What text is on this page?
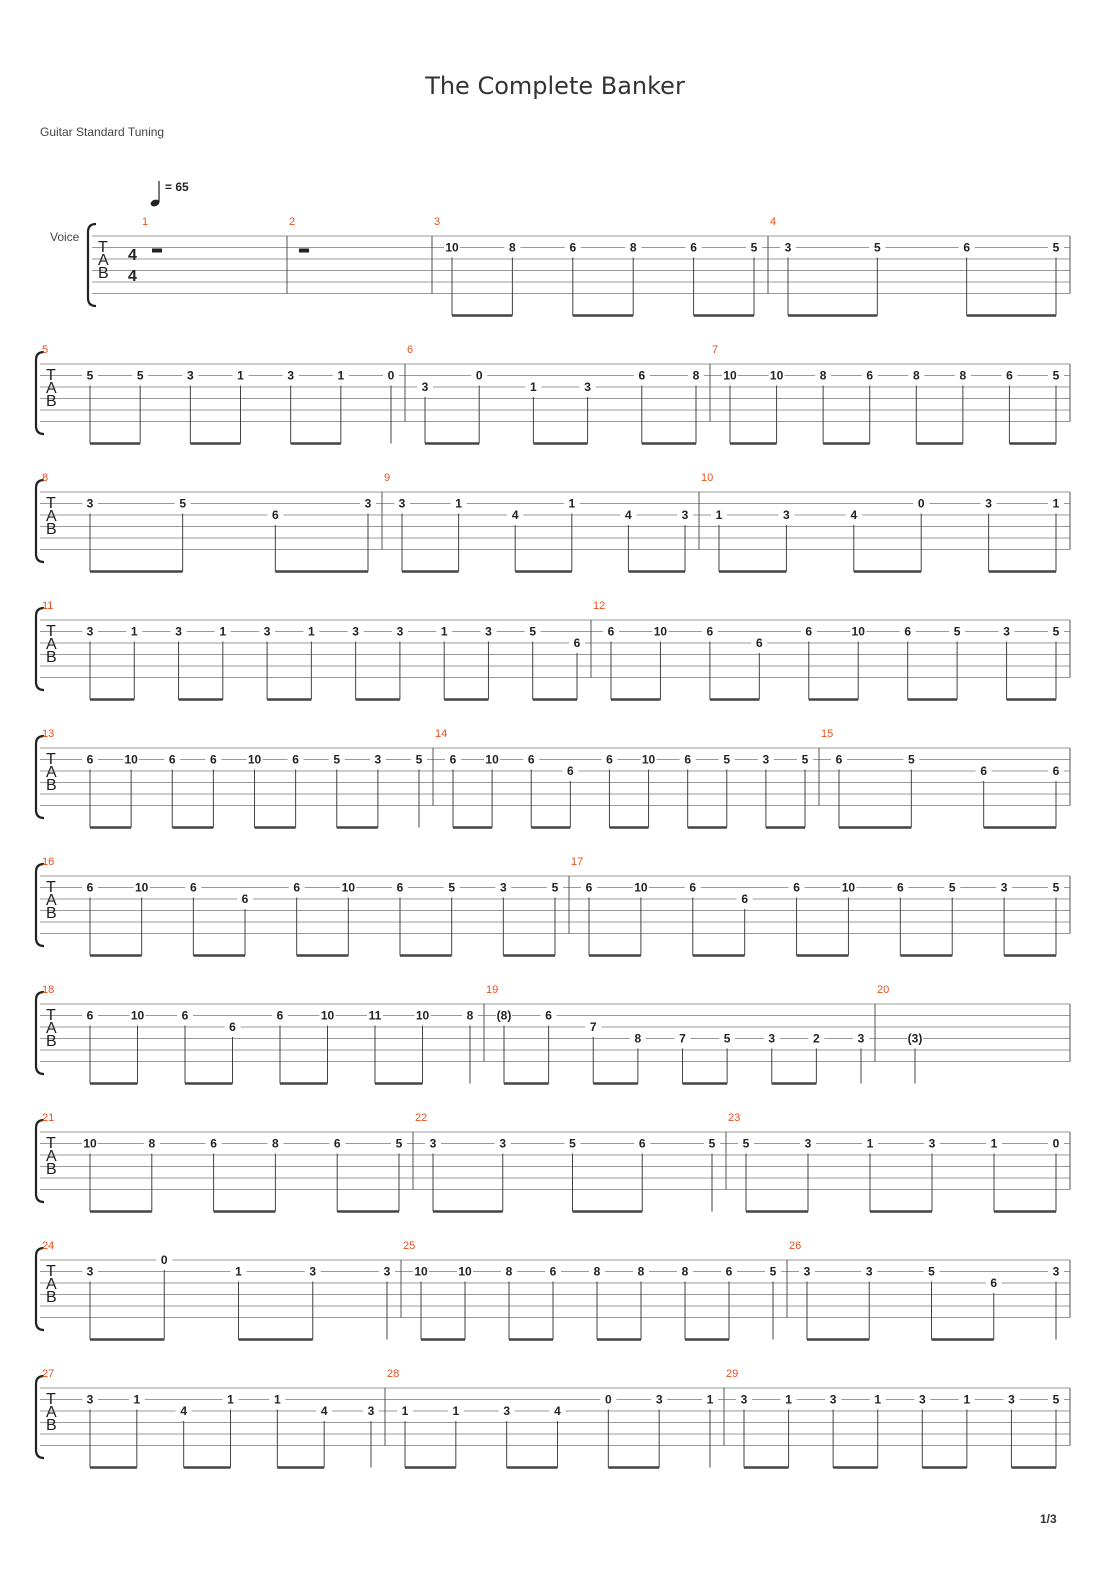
The Complete Banker
Guitar Standard Tuning
= 65
Voice
1/3
T
A
B
4
4
1	2	3
10	8	6	8	6	5
4
3	5	6	5
T
A
B
5
5	5	3	1	3	1	0
6
3
0
1	3
6	8
7
10	10	8	6	8	8	6	5
T
A
B
8
3	5
6
3
9
3	1
4
1
4	3
10
1	3	4
0	3	1
T
A
B
11
3	1	3	1	3	1	3	3	1	3	5
6
12
6	10	6
6
6	10	6	5	3	5
T
A
B
13
6	10	6	6	10	6	5	3	5
14
6 10 6
6
6 10 6	5	3	5
15
6	5
6	6
T
A
B
16
6	10	6
6
6	10	6	5	3	5
17
6	10	6
6
6	10	6	5	3	5
T
A
B
18
6	10	6
6
6	10	11	10	8
19
(8)	6
7
8	7	5	3	2	3
20
(3)
T
A
B
21
10	8	6	8	6	5
22
3	3	5	6	5
23
5	3	1	3	1	0
T
A
B
24
3
0
1	3	3
25
10	10	8	6	8	8	8	6	5
26
3	3	5
6
3
T
A
B
27
3	1
4
1	1
4	3
28
1	1	3	4
0	3	1
29
3	1	3	1	3	1	3	5
